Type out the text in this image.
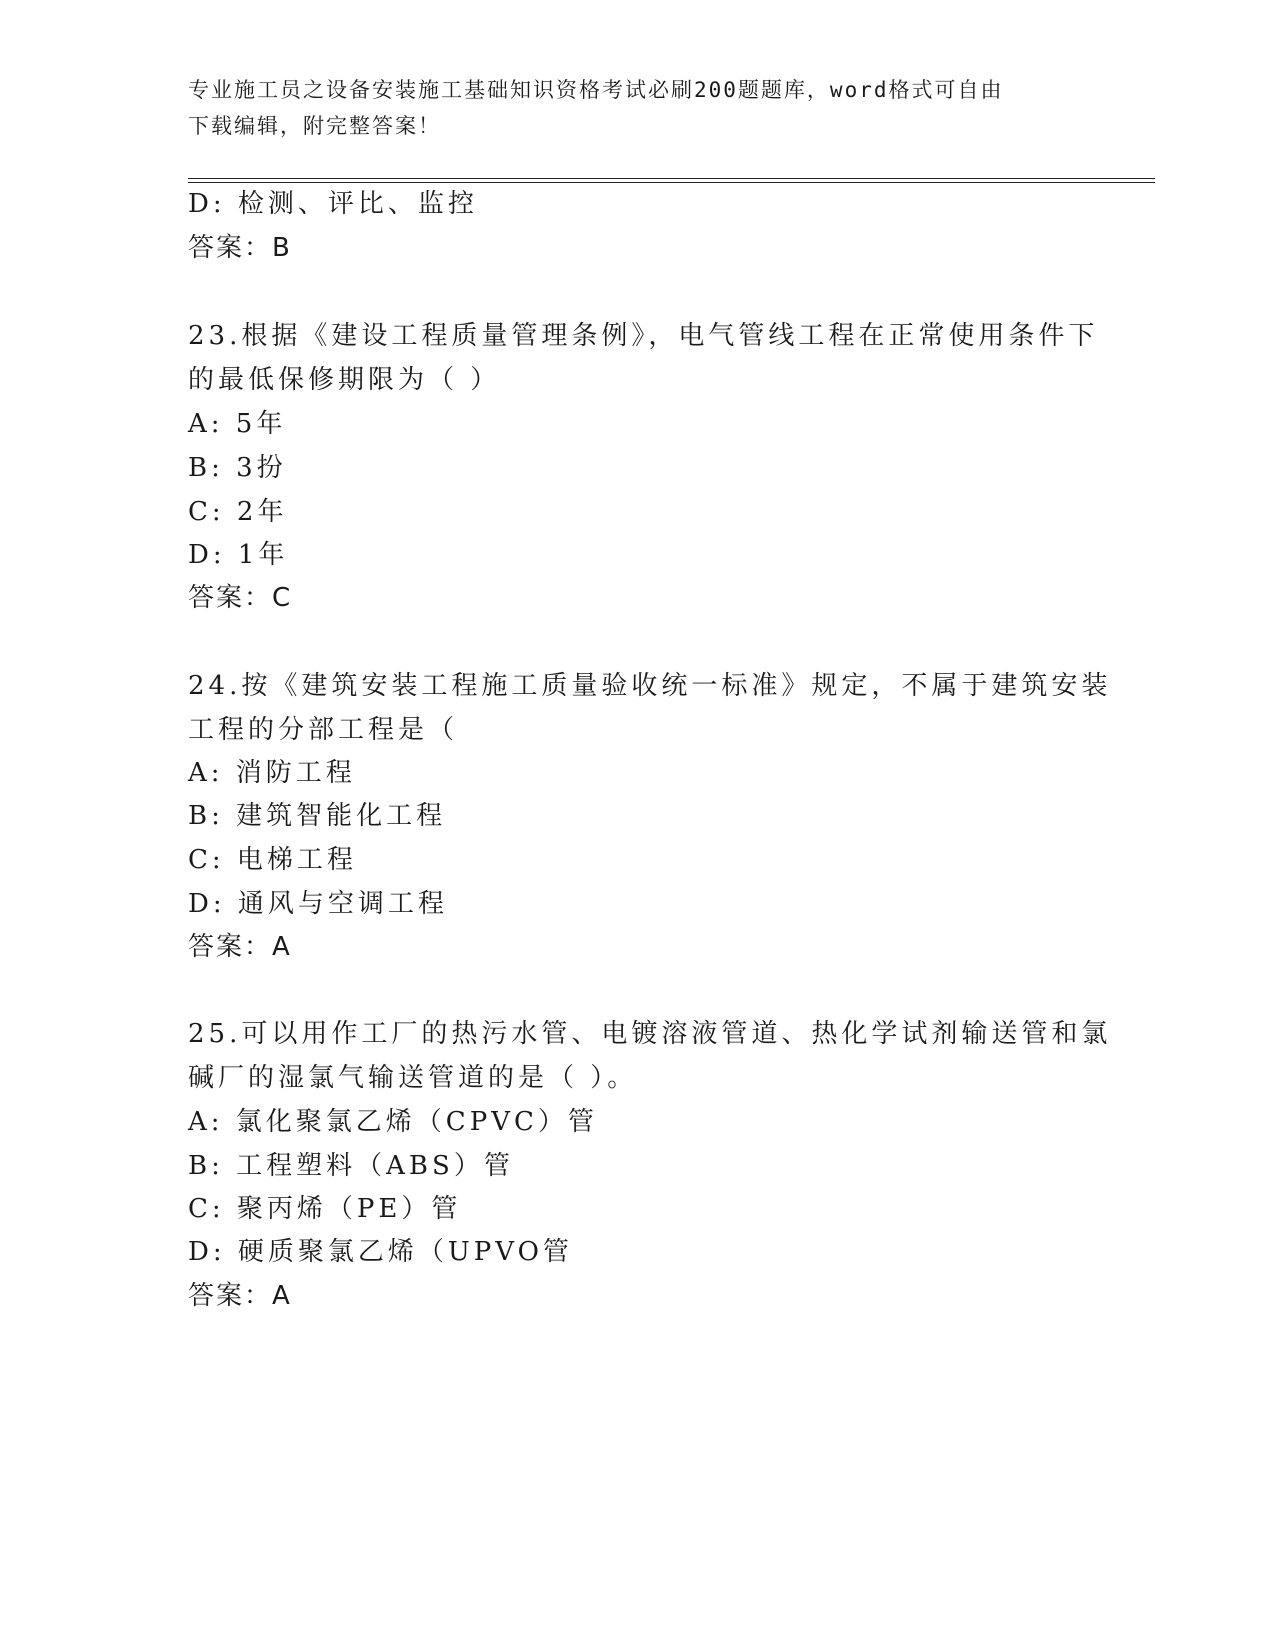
专业施工员之设备安装施工基础知识资格考试必刷200题题库，word格式可自由
下载编辑，附完整答案！
D: 检测、评比、监控
答案：B
23.根据《建设工程质量管理条例》，电气管线工程在正常使用条件下
的最低保修期限为（ ）
A: 5年
B: 3扮
C: 2年
D: 1年
答案：C
24.按《建筑安装工程施工质量验收统一标准》规定，不属于建筑安装
工程的分部工程是（
A: 消防工程
B: 建筑智能化工程
C: 电梯工程
D: 通风与空调工程
答案：A
25.可以用作工厂的热污水管、电镀溶液管道、热化学试剂输送管和氯
碱厂的湿氯气输送管道的是（ ）。
A: 氯化聚氯乙烯（CPVC）管
B: 工程塑料（ABS）管
C: 聚丙烯（PE）管
D: 硬质聚氯乙烯（UPVO管
答案：A
